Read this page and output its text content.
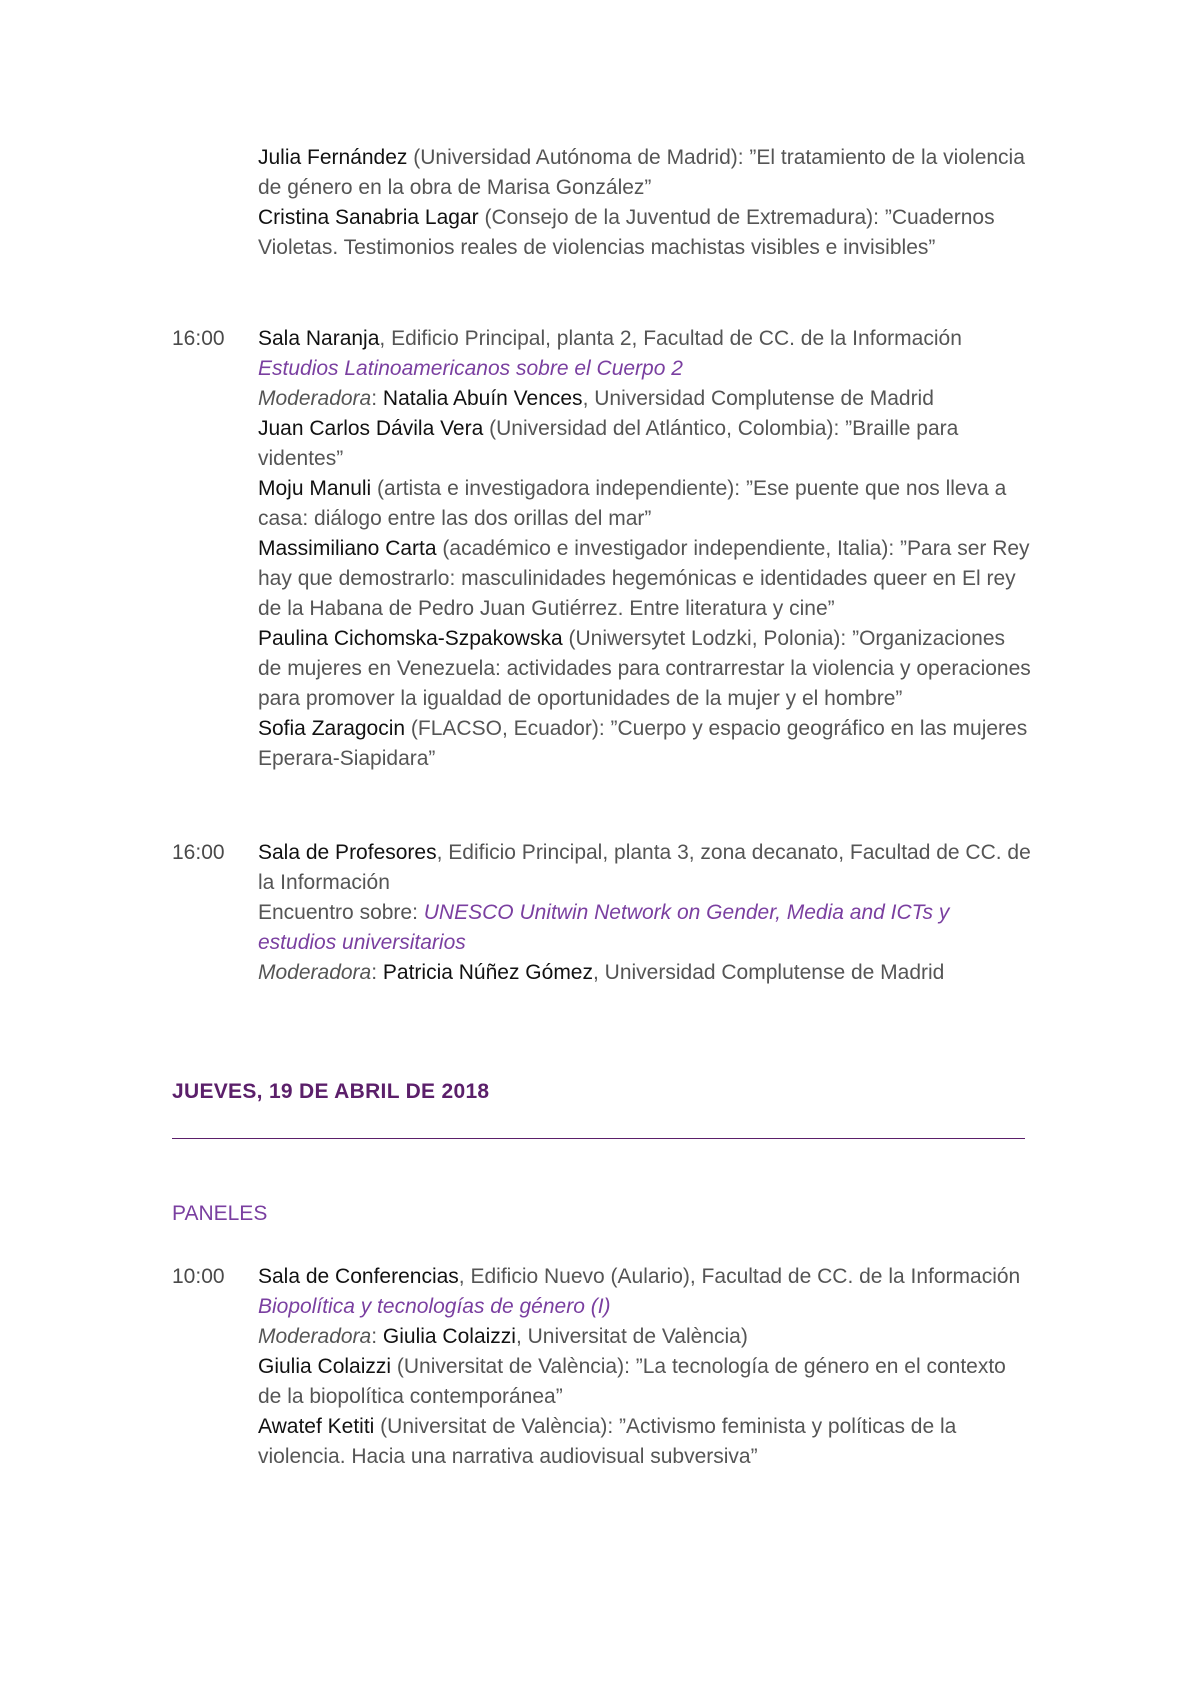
Julia Fernández (Universidad Autónoma de Madrid): ”El tratamiento de la violencia de género en la obra de Marisa González”

Cristina Sanabria Lagar (Consejo de la Juventud de Extremadura): ”Cuadernos Violetas. Testimonios reales de violencias machistas visibles e invisibles”

16:00	Sala Naranja, Edificio Principal, planta 2, Facultad de CC. de la Información

Estudios Latinoamericanos sobre el Cuerpo 2

Moderadora: Natalia Abuín Vences, Universidad Complutense de Madrid

Juan Carlos Dávila Vera (Universidad del Atlántico, Colombia): ”Braille para videntes”

Moju Manuli (artista e investigadora independiente): ”Ese puente que nos lleva a casa: diálogo entre las dos orillas del mar”

Massimiliano Carta (académico e investigador independiente, Italia): ”Para ser Rey hay que demostrarlo: masculinidades hegemónicas e identidades queer en El rey de la Habana de Pedro Juan Gutiérrez. Entre literatura y cine”

Paulina Cichomska-Szpakowska (Uniwersytet Lodzki, Polonia): ”Organizaciones de mujeres en Venezuela: actividades para contrarrestar la violencia y operaciones para promover la igualdad de oportunidades de la mujer y el hombre”

Sofia Zaragocin (FLACSO, Ecuador): ”Cuerpo y espacio geográfico en las mujeres Eperara-Siapidara”

16:00	Sala de Profesores, Edificio Principal, planta 3, zona decanato, Facultad de CC. de la Información

Encuentro sobre: UNESCO Unitwin Network on Gender, Media and ICTs y estudios universitarios

Moderadora: Patricia Núñez Gómez, Universidad Complutense de Madrid

JUEVES, 19 DE ABRIL DE 2018
PANELES
10:00	Sala de Conferencias, Edificio Nuevo (Aulario), Facultad de CC. de la Información

Biopolítica y tecnologías de género (I)

Moderadora: Giulia Colaizzi, Universitat de València)

Giulia Colaizzi (Universitat de València): ”La tecnología de género en el contexto de la biopolítica contemporánea”

Awatef Ketiti (Universitat de València): ”Activismo feminista y políticas de la violencia. Hacia una narrativa audiovisual subversiva”
